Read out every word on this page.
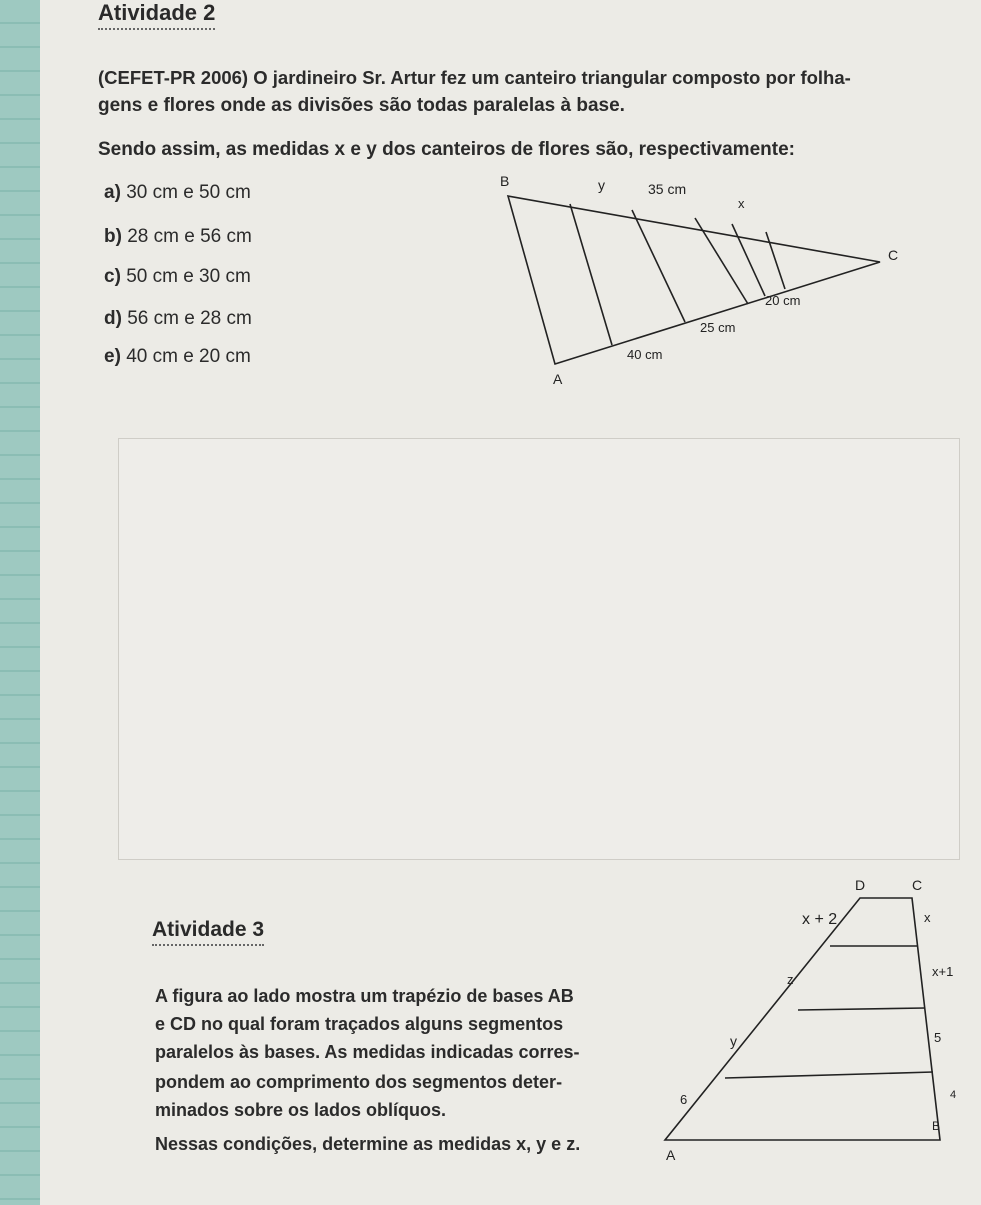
Atividade 2
(CEFET-PR 2006) O jardineiro Sr. Artur fez um canteiro triangular composto por folha-
gens e flores onde as divisões são todas paralelas à base.
Sendo assim, as medidas x e y dos canteiros de flores são, respectivamente:
a) 30 cm e 50 cm
b) 28 cm e 56 cm
c) 50 cm e 30 cm
d) 56 cm e 28 cm
e) 40 cm e 20 cm
B
C
A
y	35 cm
x
20 cm
25 cm
40 cm
Atividade 3
A figura ao lado mostra um trapézio de bases AB
e CD no qual foram traçados alguns segmentos
paralelos às bases. As medidas indicadas corres-
pondem ao comprimento dos segmentos deter-
minados sobre os lados oblíquos.
Nessas condições, determine as medidas x, y e z.
D	C
A
B
x + 2	x
z
x+1
y	5
6	4
